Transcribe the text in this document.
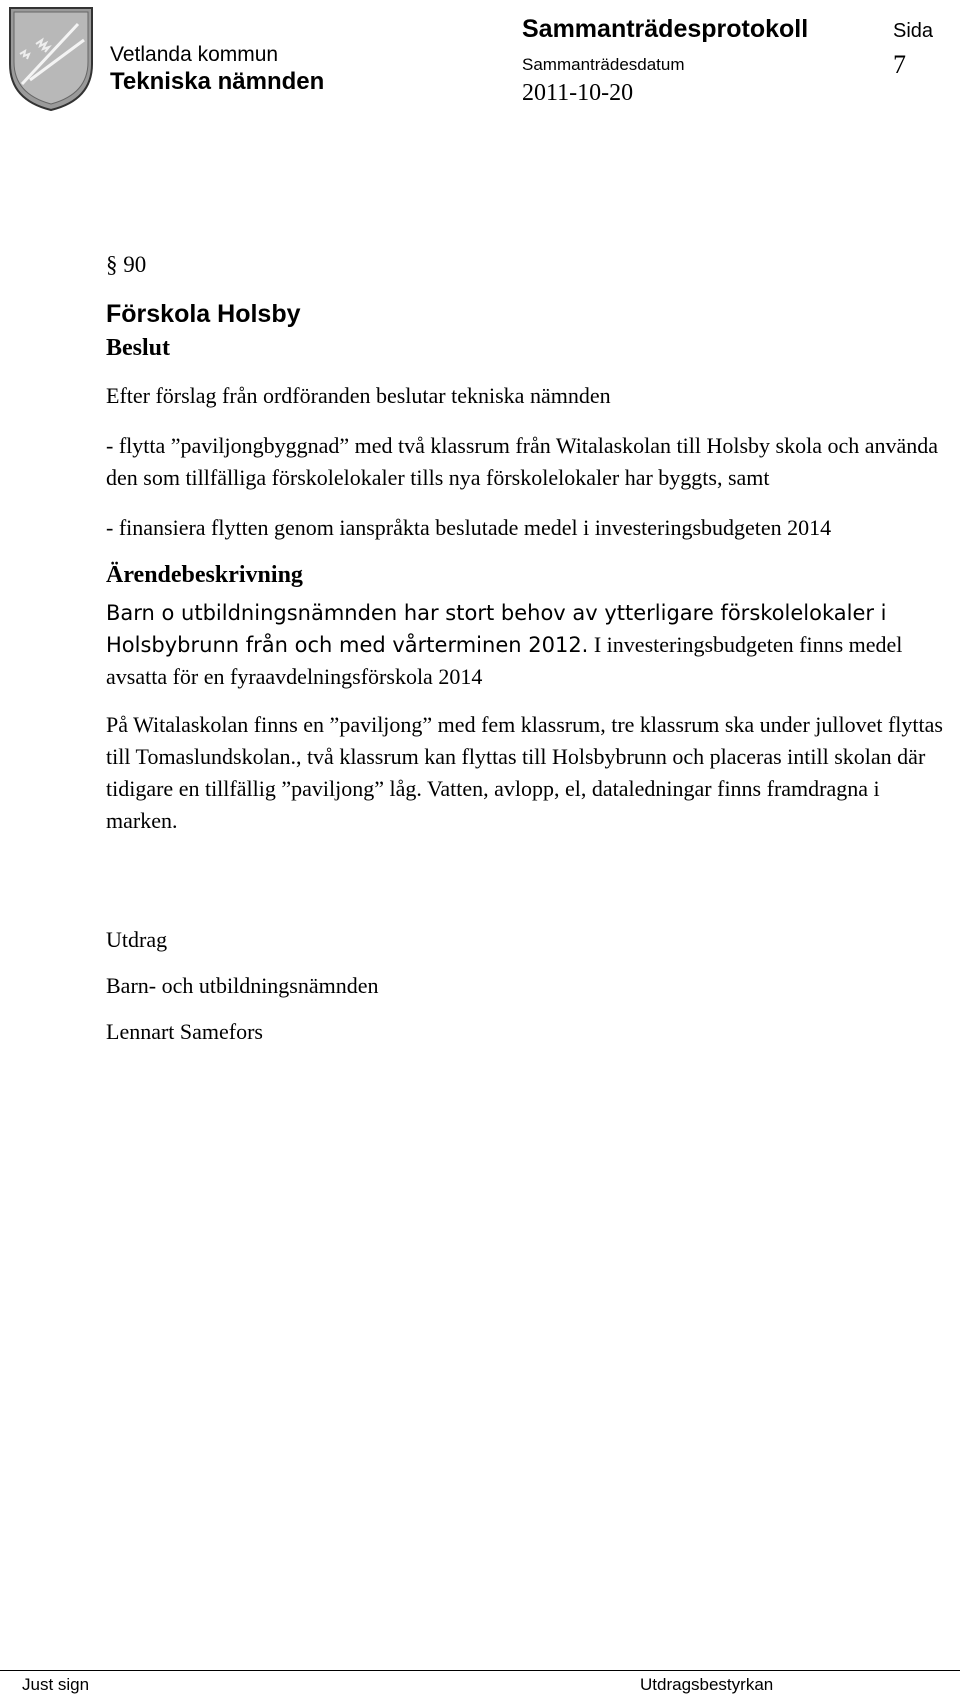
Vetlanda kommun
Tekniska nämnden
Sammanträdesprotokoll
Sammanträdesdatum
2011-10-20
Sida
7

§ 90

Förskola Holsby

Beslut

Efter förslag från ordföranden beslutar tekniska nämnden

- flytta ”paviljongbyggnad” med två klassrum från Witalaskolan till Holsby skola och använda den som tillfälliga förskolelokaler tills nya förskolelokaler har byggts, samt

- finansiera flytten genom ianspråkta beslutade medel i investeringsbudgeten 2014

Ärendebeskrivning

Barn o utbildningsnämnden har stort behov av ytterligare förskolelokaler i Holsbybrunn från och med vårterminen 2012. I investeringsbudgeten finns medel avsatta för en fyraavdelningsförskola 2014

På Witalaskolan finns en ”paviljong” med fem klassrum, tre klassrum ska under jullovet flyttas till Tomaslundskolan., två klassrum kan flyttas till Holsbybrunn och placeras intill skolan där tidigare en tillfällig ”paviljong” låg. Vatten, avlopp, el, dataledningar finns framdragna i marken.

Utdrag

Barn- och utbildningsnämnden

Lennart Samefors

Just sign	Utdragsbestyrkan
